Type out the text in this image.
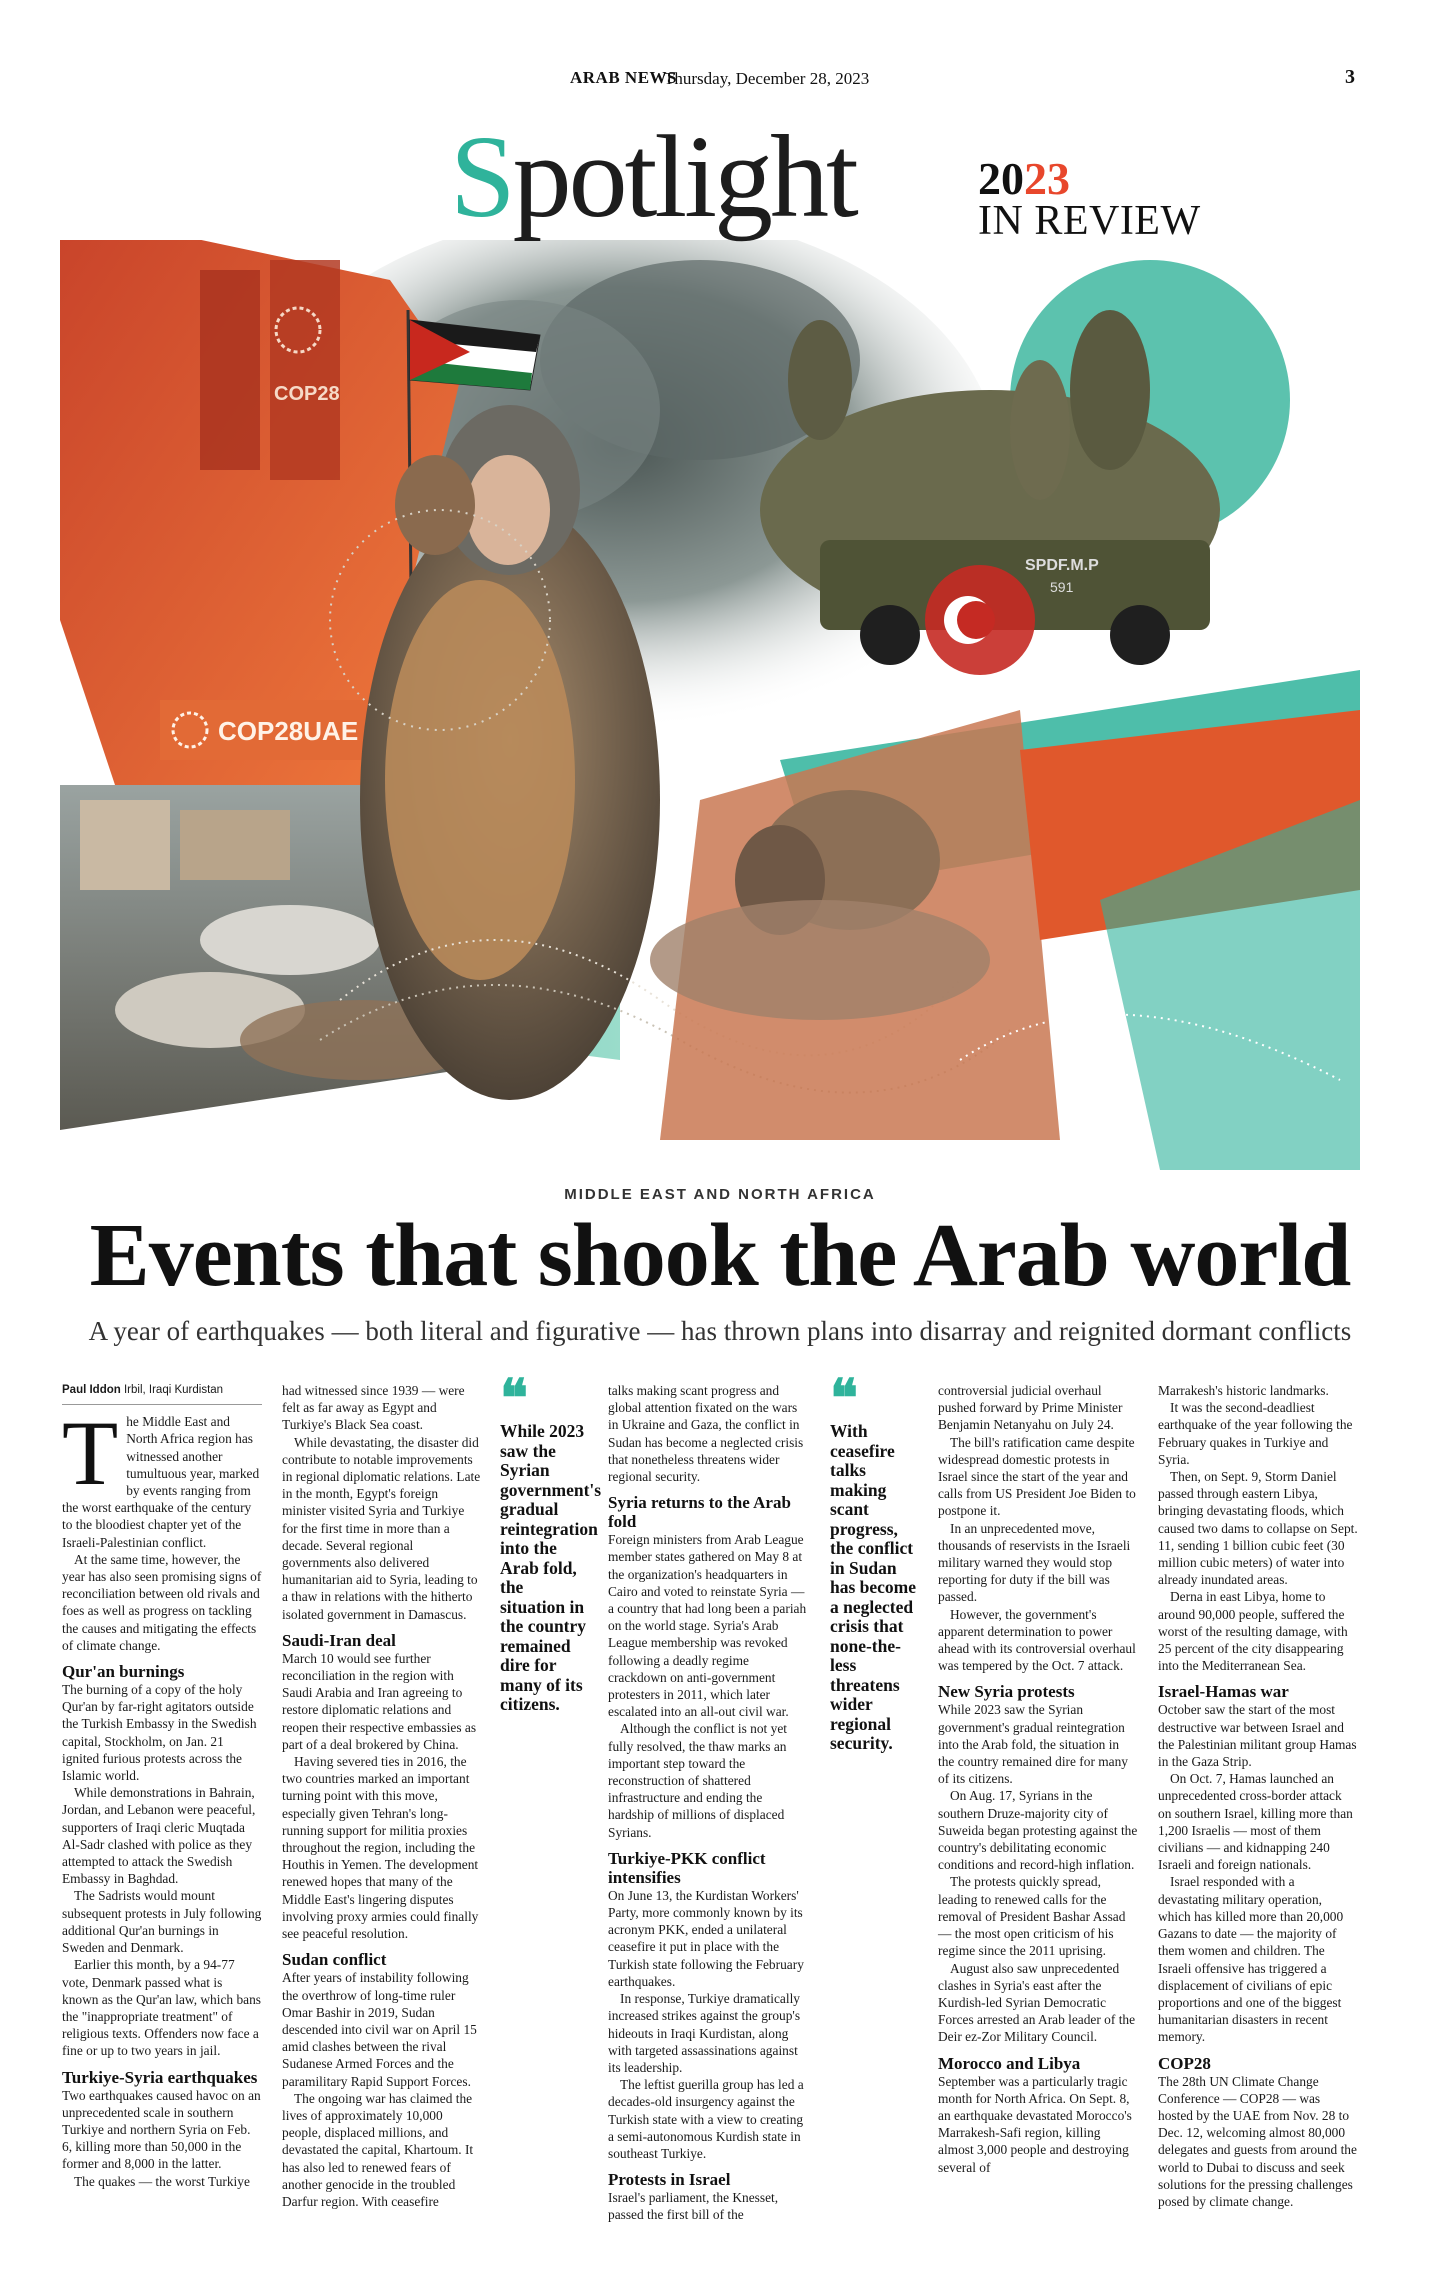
ARAB NEWS
Thursday, December 28, 2023	3
Spotlight	2023
IN REVIEW
COP28
COP28UAE
SPDF.M.P
591
MIDDLE EAST AND NORTH AFRICA
Events that shook the Arab world
A year of earthquakes — both literal and figurative — has thrown plans into disarray and reignited dormant conflicts
Paul Iddon Irbil, Iraqi Kurdistan

The Middle East and North Africa region has witnessed another tumultuous year, marked by events ranging from the worst earthquake of the century to the bloodiest chapter yet of the Israeli-Palestinian conflict.

At the same time, however, the year has also seen promising signs of reconciliation between old rivals and foes as well as progress on tackling the causes and mitigating the effects of climate change.

Qur'an burnings

The burning of a copy of the holy Qur'an by far-right agitators outside the Turkish Embassy in the Swedish capital, Stockholm, on Jan. 21 ignited furious protests across the Islamic world.

While demonstrations in Bahrain, Jordan, and Lebanon were peaceful, supporters of Iraqi cleric Muqtada Al-Sadr clashed with police as they attempted to attack the Swedish Embassy in Baghdad.

The Sadrists would mount subsequent protests in July following additional Qur'an burnings in Sweden and Denmark.

Earlier this month, by a 94-77 vote, Denmark passed what is known as the Qur'an law, which bans the "inappropriate treatment" of religious texts. Offenders now face a fine or up to two years in jail.

Turkiye-Syria earthquakes

Two earthquakes caused havoc on an unprecedented scale in southern Turkiye and northern Syria on Feb. 6, killing more than 50,000 in the former and 8,000 in the latter.

The quakes — the worst Turkiye

had witnessed since 1939 — were felt as far away as Egypt and Turkiye's Black Sea coast.

While devastating, the disaster did contribute to notable improvements in regional diplomatic relations. Late in the month, Egypt's foreign minister visited Syria and Turkiye for the first time in more than a decade. Several regional governments also delivered humanitarian aid to Syria, leading to a thaw in relations with the hitherto isolated government in Damascus.

Saudi-Iran deal

March 10 would see further reconciliation in the region with Saudi Arabia and Iran agreeing to restore diplomatic relations and reopen their respective embassies as part of a deal brokered by China.

Having severed ties in 2016, the two countries marked an important turning point with this move, especially given Tehran's long-running support for militia proxies throughout the region, including the Houthis in Yemen. The development renewed hopes that many of the Middle East's lingering disputes involving proxy armies could finally see peaceful resolution.

Sudan conflict

After years of instability following the overthrow of long-time ruler Omar Bashir in 2019, Sudan descended into civil war on April 15 amid clashes between the rival Sudanese Armed Forces and the paramilitary Rapid Support Forces.

The ongoing war has claimed the lives of approximately 10,000 people, displaced millions, and devastated the capital, Khartoum. It has also led to renewed fears of another genocide in the troubled Darfur region. With ceasefire

❝
While 2023 saw the Syrian government's gradual reintegration into the Arab fold, the situation in the country remained dire for many of its citizens.

talks making scant progress and global attention fixated on the wars in Ukraine and Gaza, the conflict in Sudan has become a neglected crisis that nonetheless threatens wider regional security.

Syria returns to the Arab fold

Foreign ministers from Arab League member states gathered on May 8 at the organization's headquarters in Cairo and voted to reinstate Syria — a country that had long been a pariah on the world stage. Syria's Arab League membership was revoked following a deadly regime crackdown on anti-government protesters in 2011, which later escalated into an all-out civil war.

Although the conflict is not yet fully resolved, the thaw marks an important step toward the reconstruction of shattered infrastructure and ending the hardship of millions of displaced Syrians.

Turkiye-PKK conflict intensifies

On June 13, the Kurdistan Workers' Party, more commonly known by its acronym PKK, ended a unilateral ceasefire it put in place with the Turkish state following the February earthquakes.

In response, Turkiye dramatically increased strikes against the group's hideouts in Iraqi Kurdistan, along with targeted assassinations against its leadership.

The leftist guerilla group has led a decades-old insurgency against the Turkish state with a view to creating a semi-autonomous Kurdish state in southeast Turkiye.

Protests in Israel

Israel's parliament, the Knesset, passed the first bill of the

❝
With ceasefire talks making scant progress, the conflict in Sudan has become a neglected crisis that none-the-less threatens wider regional security.

controversial judicial overhaul pushed forward by Prime Minister Benjamin Netanyahu on July 24.

The bill's ratification came despite widespread domestic protests in Israel since the start of the year and calls from US President Joe Biden to postpone it.

In an unprecedented move, thousands of reservists in the Israeli military warned they would stop reporting for duty if the bill was passed.

However, the government's apparent determination to power ahead with its controversial overhaul was tempered by the Oct. 7 attack.

New Syria protests

While 2023 saw the Syrian government's gradual reintegration into the Arab fold, the situation in the country remained dire for many of its citizens.

On Aug. 17, Syrians in the southern Druze-majority city of Suweida began protesting against the country's debilitating economic conditions and record-high inflation.

The protests quickly spread, leading to renewed calls for the removal of President Bashar Assad — the most open criticism of his regime since the 2011 uprising.

August also saw unprecedented clashes in Syria's east after the Kurdish-led Syrian Democratic Forces arrested an Arab leader of the Deir ez-Zor Military Council.

Morocco and Libya

September was a particularly tragic month for North Africa. On Sept. 8, an earthquake devastated Morocco's Marrakesh-Safi region, killing almost 3,000 people and destroying several of

Marrakesh's historic landmarks.

It was the second-deadliest earthquake of the year following the February quakes in Turkiye and Syria.

Then, on Sept. 9, Storm Daniel passed through eastern Libya, bringing devastating floods, which caused two dams to collapse on Sept. 11, sending 1 billion cubic feet (30 million cubic meters) of water into already inundated areas.

Derna in east Libya, home to around 90,000 people, suffered the worst of the resulting damage, with 25 percent of the city disappearing into the Mediterranean Sea.

Israel-Hamas war

October saw the start of the most destructive war between Israel and the Palestinian militant group Hamas in the Gaza Strip.

On Oct. 7, Hamas launched an unprecedented cross-border attack on southern Israel, killing more than 1,200 Israelis — most of them civilians — and kidnapping 240 Israeli and foreign nationals.

Israel responded with a devastating military operation, which has killed more than 20,000 Gazans to date — the majority of them women and children. The Israeli offensive has triggered a displacement of civilians of epic proportions and one of the biggest humanitarian disasters in recent memory.

COP28

The 28th UN Climate Change Conference — COP28 — was hosted by the UAE from Nov. 28 to Dec. 12, welcoming almost 80,000 delegates and guests from around the world to Dubai to discuss and seek solutions for the pressing challenges posed by climate change.
